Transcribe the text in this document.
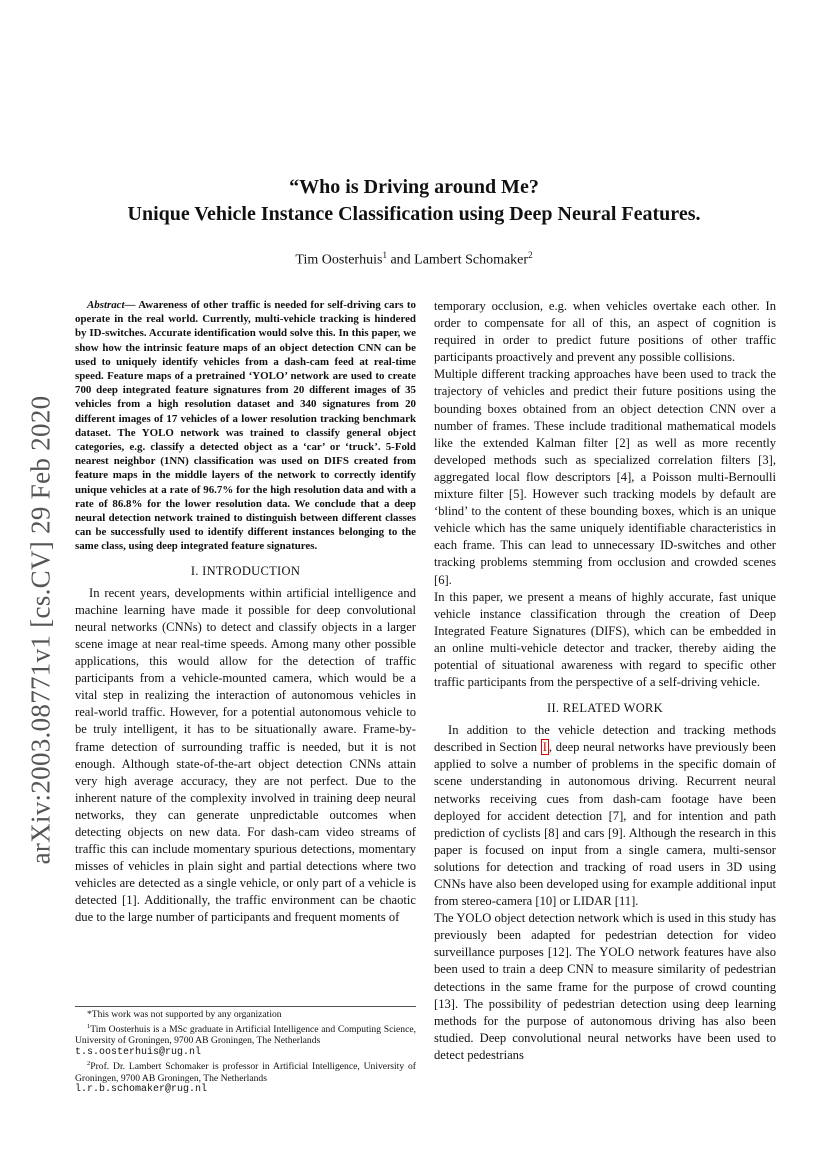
“Who is Driving around Me?
Unique Vehicle Instance Classification using Deep Neural Features.
Tim Oosterhuis$^1$ and Lambert Schomaker$^2$
arXiv:2003.08771v1 [cs.CV] 29 Feb 2020

Abstract— Awareness of other traffic is needed for self-driving cars to operate in the real world. Currently, multi-vehicle tracking is hindered by ID-switches. Accurate identification would solve this. In this paper, we show how the intrinsic feature maps of an object detection CNN can be used to uniquely identify vehicles from a dash-cam feed at real-time speed. Feature maps of a pretrained ‘YOLO’ network are used to create 700 deep integrated feature signatures from 20 different images of 35 vehicles from a high resolution dataset and 340 signatures from 20 different images of 17 vehicles of a lower resolution tracking benchmark dataset. The YOLO network was trained to classify general object categories, e.g. classify a detected object as a ‘car’ or ‘truck’. 5-Fold nearest neighbor (1NN) classification was used on DIFS created from feature maps in the middle layers of the network to correctly identify unique vehicles at a rate of 96.7% for the high resolution data and with a rate of 86.8% for the lower resolution data. We conclude that a deep neural detection network trained to distinguish between different classes can be successfully used to identify different instances belonging to the same class, using deep integrated feature signatures.

I. INTRODUCTION

In recent years, developments within artificial intelligence and machine learning have made it possible for deep convolutional neural networks (CNNs) to detect and classify objects in a larger scene image at near real-time speeds. Among many other possible applications, this would allow for the detection of traffic participants from a vehicle-mounted camera, which would be a vital step in realizing the interaction of autonomous vehicles in real-world traffic. However, for a potential autonomous vehicle to be truly intelligent, it has to be situationally aware. Frame-by-frame detection of surrounding traffic is needed, but it is not enough. Although state-of-the-art object detection CNNs attain very high average accuracy, they are not perfect. Due to the inherent nature of the complexity involved in training deep neural networks, they can generate unpredictable outcomes when detecting objects on new data. For dash-cam video streams of traffic this can include momentary spurious detections, momentary misses of vehicles in plain sight and partial detections where two vehicles are detected as a single vehicle, or only part of a vehicle is detected [1]. Additionally, the traffic environment can be chaotic due to the large number of participants and frequent moments of

*This work was not supported by any organization

$^1$Tim Oosterhuis is a MSc graduate in Artificial Intelligence and Computing Science, University of Groningen, 9700 AB Groningen, The Netherlands
t.s.oosterhuis@rug.nl

$^2$Prof. Dr. Lambert Schomaker is professor in Artificial Intelligence, University of Groningen, 9700 AB Groningen, The Netherlands
l.r.b.schomaker@rug.nl

temporary occlusion, e.g. when vehicles overtake each other. In order to compensate for all of this, an aspect of cognition is required in order to predict future positions of other traffic participants proactively and prevent any possible collisions.

Multiple different tracking approaches have been used to track the trajectory of vehicles and predict their future positions using the bounding boxes obtained from an object detection CNN over a number of frames. These include traditional mathematical models like the extended Kalman filter [2] as well as more recently developed methods such as specialized correlation filters [3], aggregated local flow descriptors [4], a Poisson multi-Bernoulli mixture filter [5]. However such tracking models by default are ‘blind’ to the content of these bounding boxes, which is an unique vehicle which has the same uniquely identifiable characteristics in each frame. This can lead to unnecessary ID-switches and other tracking problems stemming from occlusion and crowded scenes [6].

In this paper, we present a means of highly accurate, fast unique vehicle instance classification through the creation of Deep Integrated Feature Signatures (DIFS), which can be embedded in an online multi-vehicle detector and tracker, thereby aiding the potential of situational awareness with regard to specific other traffic participants from the perspective of a self-driving vehicle.

II. RELATED WORK

In addition to the vehicle detection and tracking methods described in Section I , deep neural networks have previously been applied to solve a number of problems in the specific domain of scene understanding in autonomous driving. Recurrent neural networks receiving cues from dash-cam footage have been deployed for accident detection [7], and for intention and path prediction of cyclists [8] and cars [9]. Although the research in this paper is focused on input from a single camera, multi-sensor solutions for detection and tracking of road users in 3D using CNNs have also been developed using for example additional input from stereo-camera [10] or LIDAR [11].

The YOLO object detection network which is used in this study has previously been adapted for pedestrian detection for video surveillance purposes [12]. The YOLO network features have also been used to train a deep CNN to measure similarity of pedestrian detections in the same frame for the purpose of crowd counting [13]. The possibility of pedestrian detection using deep learning methods for the purpose of autonomous driving has also been studied. Deep convolutional neural networks have been used to detect pedestrians
